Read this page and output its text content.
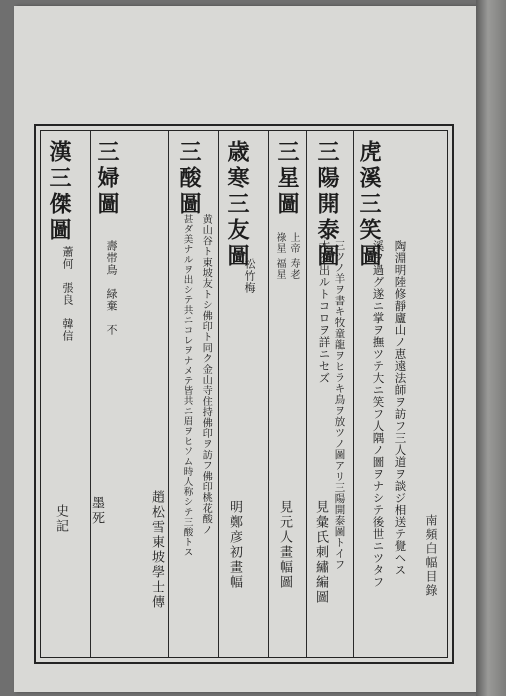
南頻白幅目錄
虎溪三笑圖
陶淵明陸修靜廬山ノ恵遠法師ヲ訪フ三人道ヲ談ジ相送テ覺ヘス
溪ヲ過グ遂ニ掌ヲ撫ツテ大ニ笑フ人隅ノ圖ヲナシテ後世ニツタフ
三陽開泰圖
三ツノ羊ヲ書キ牧童龍ヲヒラキ鳥ヲ放ツノ圖アリ三陽開泰圖トイフ
木タ出ルトコロヲ詳ニセズ
見彙氏刺繡編圖
三星圖
上帝 寿老
祿星 福星
見元人畫幅圖
歳寒三友圖
松竹梅
三酸圖
黄山谷ト東坡友トシ佛印ト同ク金山寺住持佛印ヲ訪フ佛印桃花酸ノ
甚ダ美ナルヲ出シテ共ニコレヲナメテ皆共ニ眉ヲヒソム時人称シテ三酸トス	明鄭彦初畫幅
趙松雪東坡學士傳
三婦圖
壽帯鳥　緑棄　不
墨死
漢三傑圖
蕭何　張良　韓信
史記
